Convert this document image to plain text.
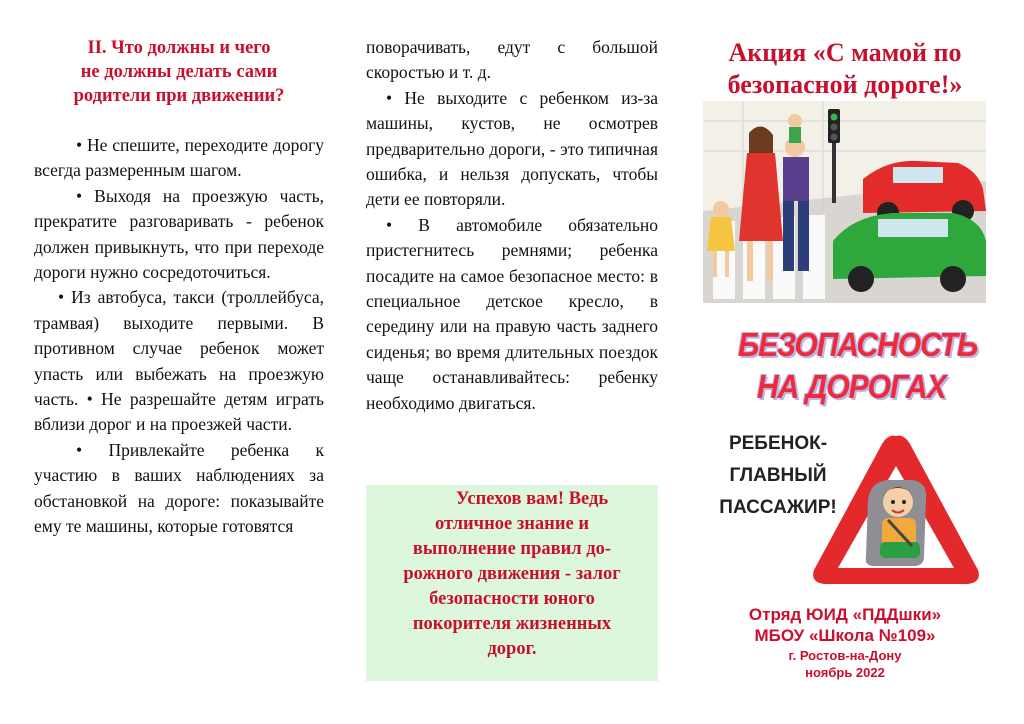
II. Что должны и чего
не должны делать сами
родители при движении?

• Не спешите, переходите дорогу всегда размеренным шагом.

• Выходя на проезжую часть, прекратите разговаривать - ребенок должен привыкнуть, что при переходе дороги нужно сосредоточиться.

• Из автобуса, такси (троллейбуса, трамвая) выходите первыми. В противном случае ребенок может упасть или выбежать на проезжую часть. • Не разрешайте детям играть вблизи дорог и на проезжей части.

• Привлекайте ребенка к участию в ваших наблюдениях за обстановкой на дороге: показывайте ему те машины, которые готовятся

поворачивать, едут с большой скоростью и т. д.

• Не выходите с ребенком из-за машины, кустов, не осмотрев предварительно дороги, - это типичная ошибка, и нельзя допускать, чтобы дети ее повторяли.

• В автомобиле обязательно пристегнитесь ремнями; ребенка посадите на самое безопасное место: в специальное детское кресло, в середину или на правую часть заднего сиденья; во время длительных поездок чаще останавливайтесь: ребенку необходимо двигаться.

Успехов вам! Ведь
отличное знание и
выполнение правил до-
рожного движения - залог
безопасности юного
покорителя жизненных
дорог.
Акция «С мамой по
безопасной дороге!»
БЕЗОПАСНОСТЬ
НА ДОРОГАХ
РЕБЕНОК-
ГЛАВНЫЙ
ПАССАЖИР!
Отряд ЮИД «ПДДшки»
МБОУ «Школа №109»
г. Ростов-на-Дону
ноябрь 2022
